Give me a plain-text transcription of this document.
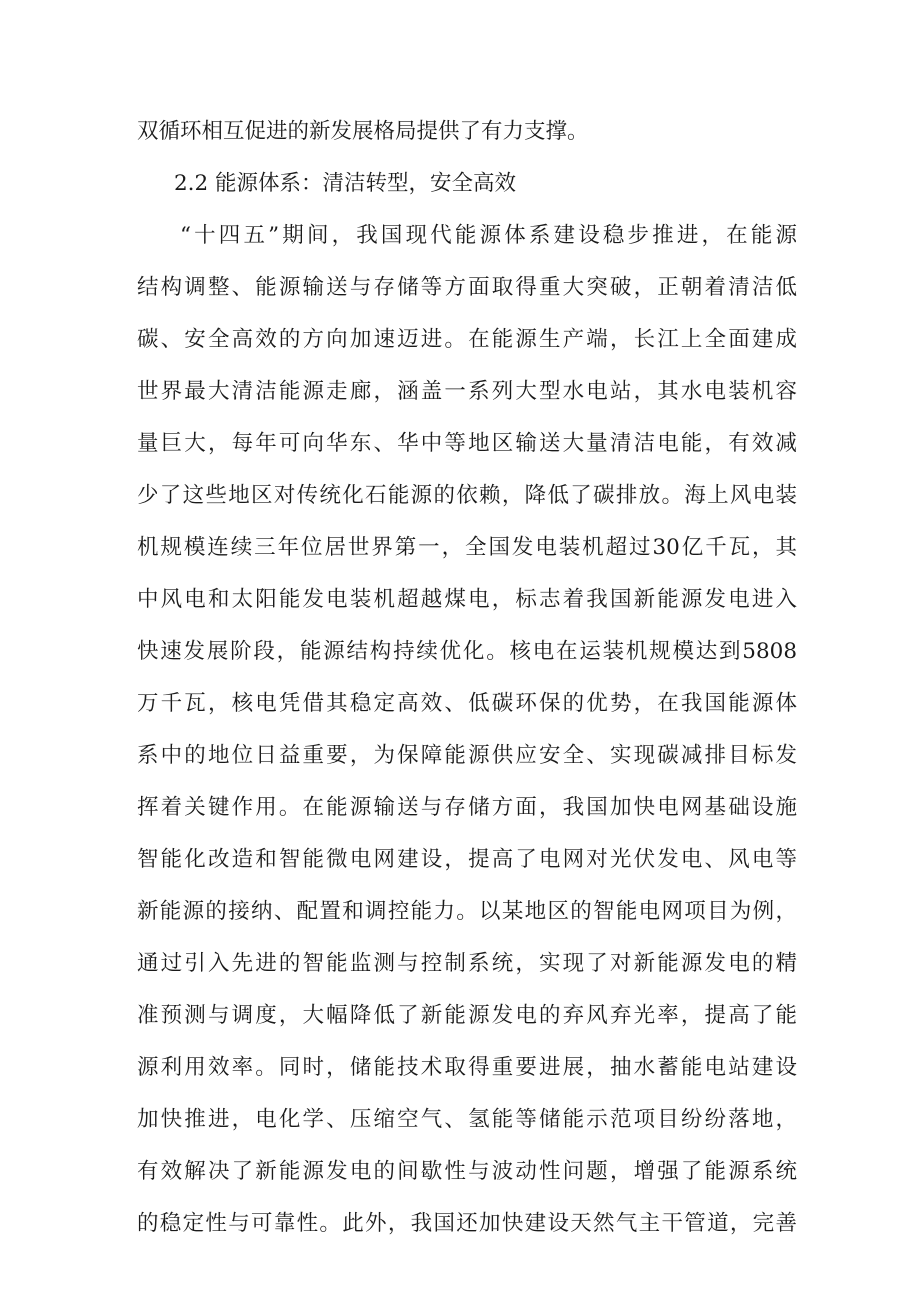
双循环相互促进的新发展格局提供了有力支撑。
2.2 能源体系：清洁转型，安全高效
“十四五”期间，我国现代能源体系建设稳步推进，在能源
结构调整、能源输送与存储等方面取得重大突破，正朝着清洁低
碳、安全高效的方向加速迈进。在能源生产端，长江上全面建成
世界最大清洁能源走廊，涵盖一系列大型水电站，其水电装机容
量巨大，每年可向华东、华中等地区输送大量清洁电能，有效减
少了这些地区对传统化石能源的依赖，降低了碳排放。海上风电装
机规模连续三年位居世界第一，全国发电装机超过30亿千瓦，其
中风电和太阳能发电装机超越煤电，标志着我国新能源发电进入
快速发展阶段，能源结构持续优化。核电在运装机规模达到5808
万千瓦，核电凭借其稳定高效、低碳环保的优势，在我国能源体
系中的地位日益重要，为保障能源供应安全、实现碳减排目标发
挥着关键作用。在能源输送与存储方面，我国加快电网基础设施
智能化改造和智能微电网建设，提高了电网对光伏发电、风电等
新能源的接纳、配置和调控能力。以某地区的智能电网项目为例，
通过引入先进的智能监测与控制系统，实现了对新能源发电的精
准预测与调度，大幅降低了新能源发电的弃风弃光率，提高了能
源利用效率。同时，储能技术取得重要进展，抽水蓄能电站建设
加快推进，电化学、压缩空气、氢能等储能示范项目纷纷落地，
有效解决了新能源发电的间歇性与波动性问题，增强了能源系统
的稳定性与可靠性。此外，我国还加快建设天然气主干管道，完善
